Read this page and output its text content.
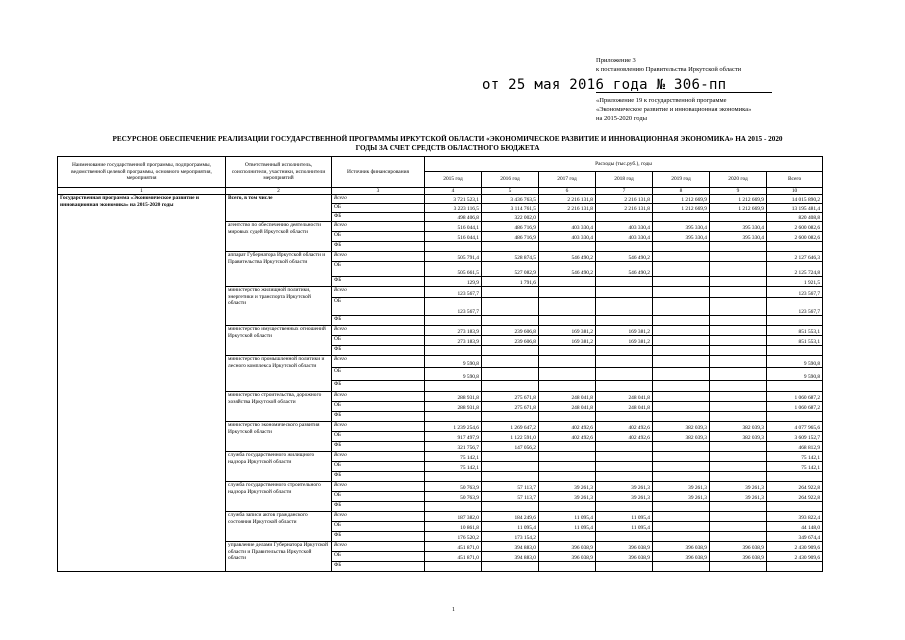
Приложение 3
к постановлению Правительства Иркутской области
от 25 мая 2016 года № 306-пп
«Приложение 19 к государственной программе
«Экономическое развитие и инновационная экономика»
на 2015-2020 годы
РЕСУРСНОЕ ОБЕСПЕЧЕНИЕ РЕАЛИЗАЦИИ ГОСУДАРСТВЕННОЙ ПРОГРАММЫ ИРКУТСКОЙ ОБЛАСТИ «ЭКОНОМИЧЕСКОЕ РАЗВИТИЕ И ИННОВАЦИОННАЯ ЭКОНОМИКА» НА 2015 - 2020
ГОДЫ ЗА СЧЕТ СРЕДСТВ ОБЛАСТНОГО БЮДЖЕТА
Наименование государственной программы, подпрограммы, ведомственной целевой программы, основного мероприятия, мероприятия	Ответственный исполнитель, соисполнители, участники, исполнители мероприятий	Источник финансирования	Расходы (тыс.руб.), годы						
			2015 год	2016 год	2017 год	2018 год	2019 год	2020 год	Всего
1	2	3	4	5	6	7	8	9	10
Государственная программа «Экономическое развитие и инновационная экономика» на 2015-2020 годы	Всего, в том числе	Всего	3 721 523,1	3 436 763,5	2 216 131,8	2 216 131,8	1 212 669,9	1 212 669,9	14 015 890,2
		ОБ	3 223 116,5	3 114 761,5	2 216 131,8	2 216 131,8	1 212 669,9	1 212 669,9	13 195 481,4
		ФБ	498 406,8	322 002,0					820 408,8
	агентство по обеспечению деятельности мировых судей Иркутской области	Всего	516 044,1	486 716,9	403 330,4	403 330,4	395 330,4	395 330,4	2 600 082,6
		ОБ	516 044,1	486 716,9	403 330,4	403 330,4	395 330,4	395 330,4	2 600 082,6
		ФБ							
	аппарат Губернатора Иркутской области и Правительства Иркутской области	Всего	505 791,4	528 874,5	546 490,2	546 490,2			2 127 646,3
		ОБ	505 661,5	527 082,9	546 490,2	546 490,2			2 125 724,8
		ФБ	129,9	1 791,6					1 921,5
	министерство жилищной политики, энергетики и транспорта Иркутской области	Всего	123 567,7						123 567,7
		ОБ	123 567,7						123 567,7
		ФБ							
	министерство имущественных отношений Иркутской области	Всего	273 183,9	239 606,8	169 381,2	169 381,2			851 553,1
		ОБ	273 183,9	239 606,8	169 381,2	169 381,2			851 553,1
		ФБ							
	министерство промышленной политики и лесного комплекса Иркутской области	Всего	9 590,8						9 590,8
		ОБ	9 590,8						9 590,8
		ФБ							
	министерство строительства, дорожного хозяйства Иркутской области	Всего	288 931,8	275 671,8	248 041,8	248 041,8			1 060 687,2
		ОБ	288 931,8	275 671,8	248 041,8	248 041,8			1 060 687,2
		ФБ							
	министерство экономического развития Иркутской области	Всего	1 239 254,6	1 269 647,2	402 492,6	402 492,6	382 039,3	382 039,3	4 077 965,6
		ОБ	917 497,9	1 122 591,0	402 492,6	402 492,6	382 039,3	382 039,3	3 609 152,7
		ФБ	321 756,7	147 056,2					468 812,9
	служба государственного жилищного надзора Иркутской области	Всего	75 142,1						75 142,1
		ОБ	75 142,1						75 142,1
		ФБ							
	служба государственного строительного надзора Иркутской области	Всего	50 763,9	57 113,7	39 261,3	39 261,3	39 261,3	39 261,3	264 922,8
		ОБ	50 763,9	57 113,7	39 261,3	39 261,3	39 261,3	39 261,3	264 922,8
		ФБ							
	служба записи актов гражданского состояния Иркутской области	Всего	187 382,0	184 249,6	11 095,4	11 095,4			393 822,4
		ОБ	10 861,8	11 095,4	11 095,4	11 095,4			44 148,0
		ФБ	176 520,2	173 154,2					349 674,4
	управление делами Губернатора Иркутской области и Правительства Иркутской области	Всего	451 871,0	394 883,0	396 038,9	396 038,9	396 038,9	396 038,9	2 430 909,6
		ОБ	451 871,0	394 883,0	396 038,9	396 038,9	396 038,9	396 038,9	2 430 909,6
		ФБ							
1
